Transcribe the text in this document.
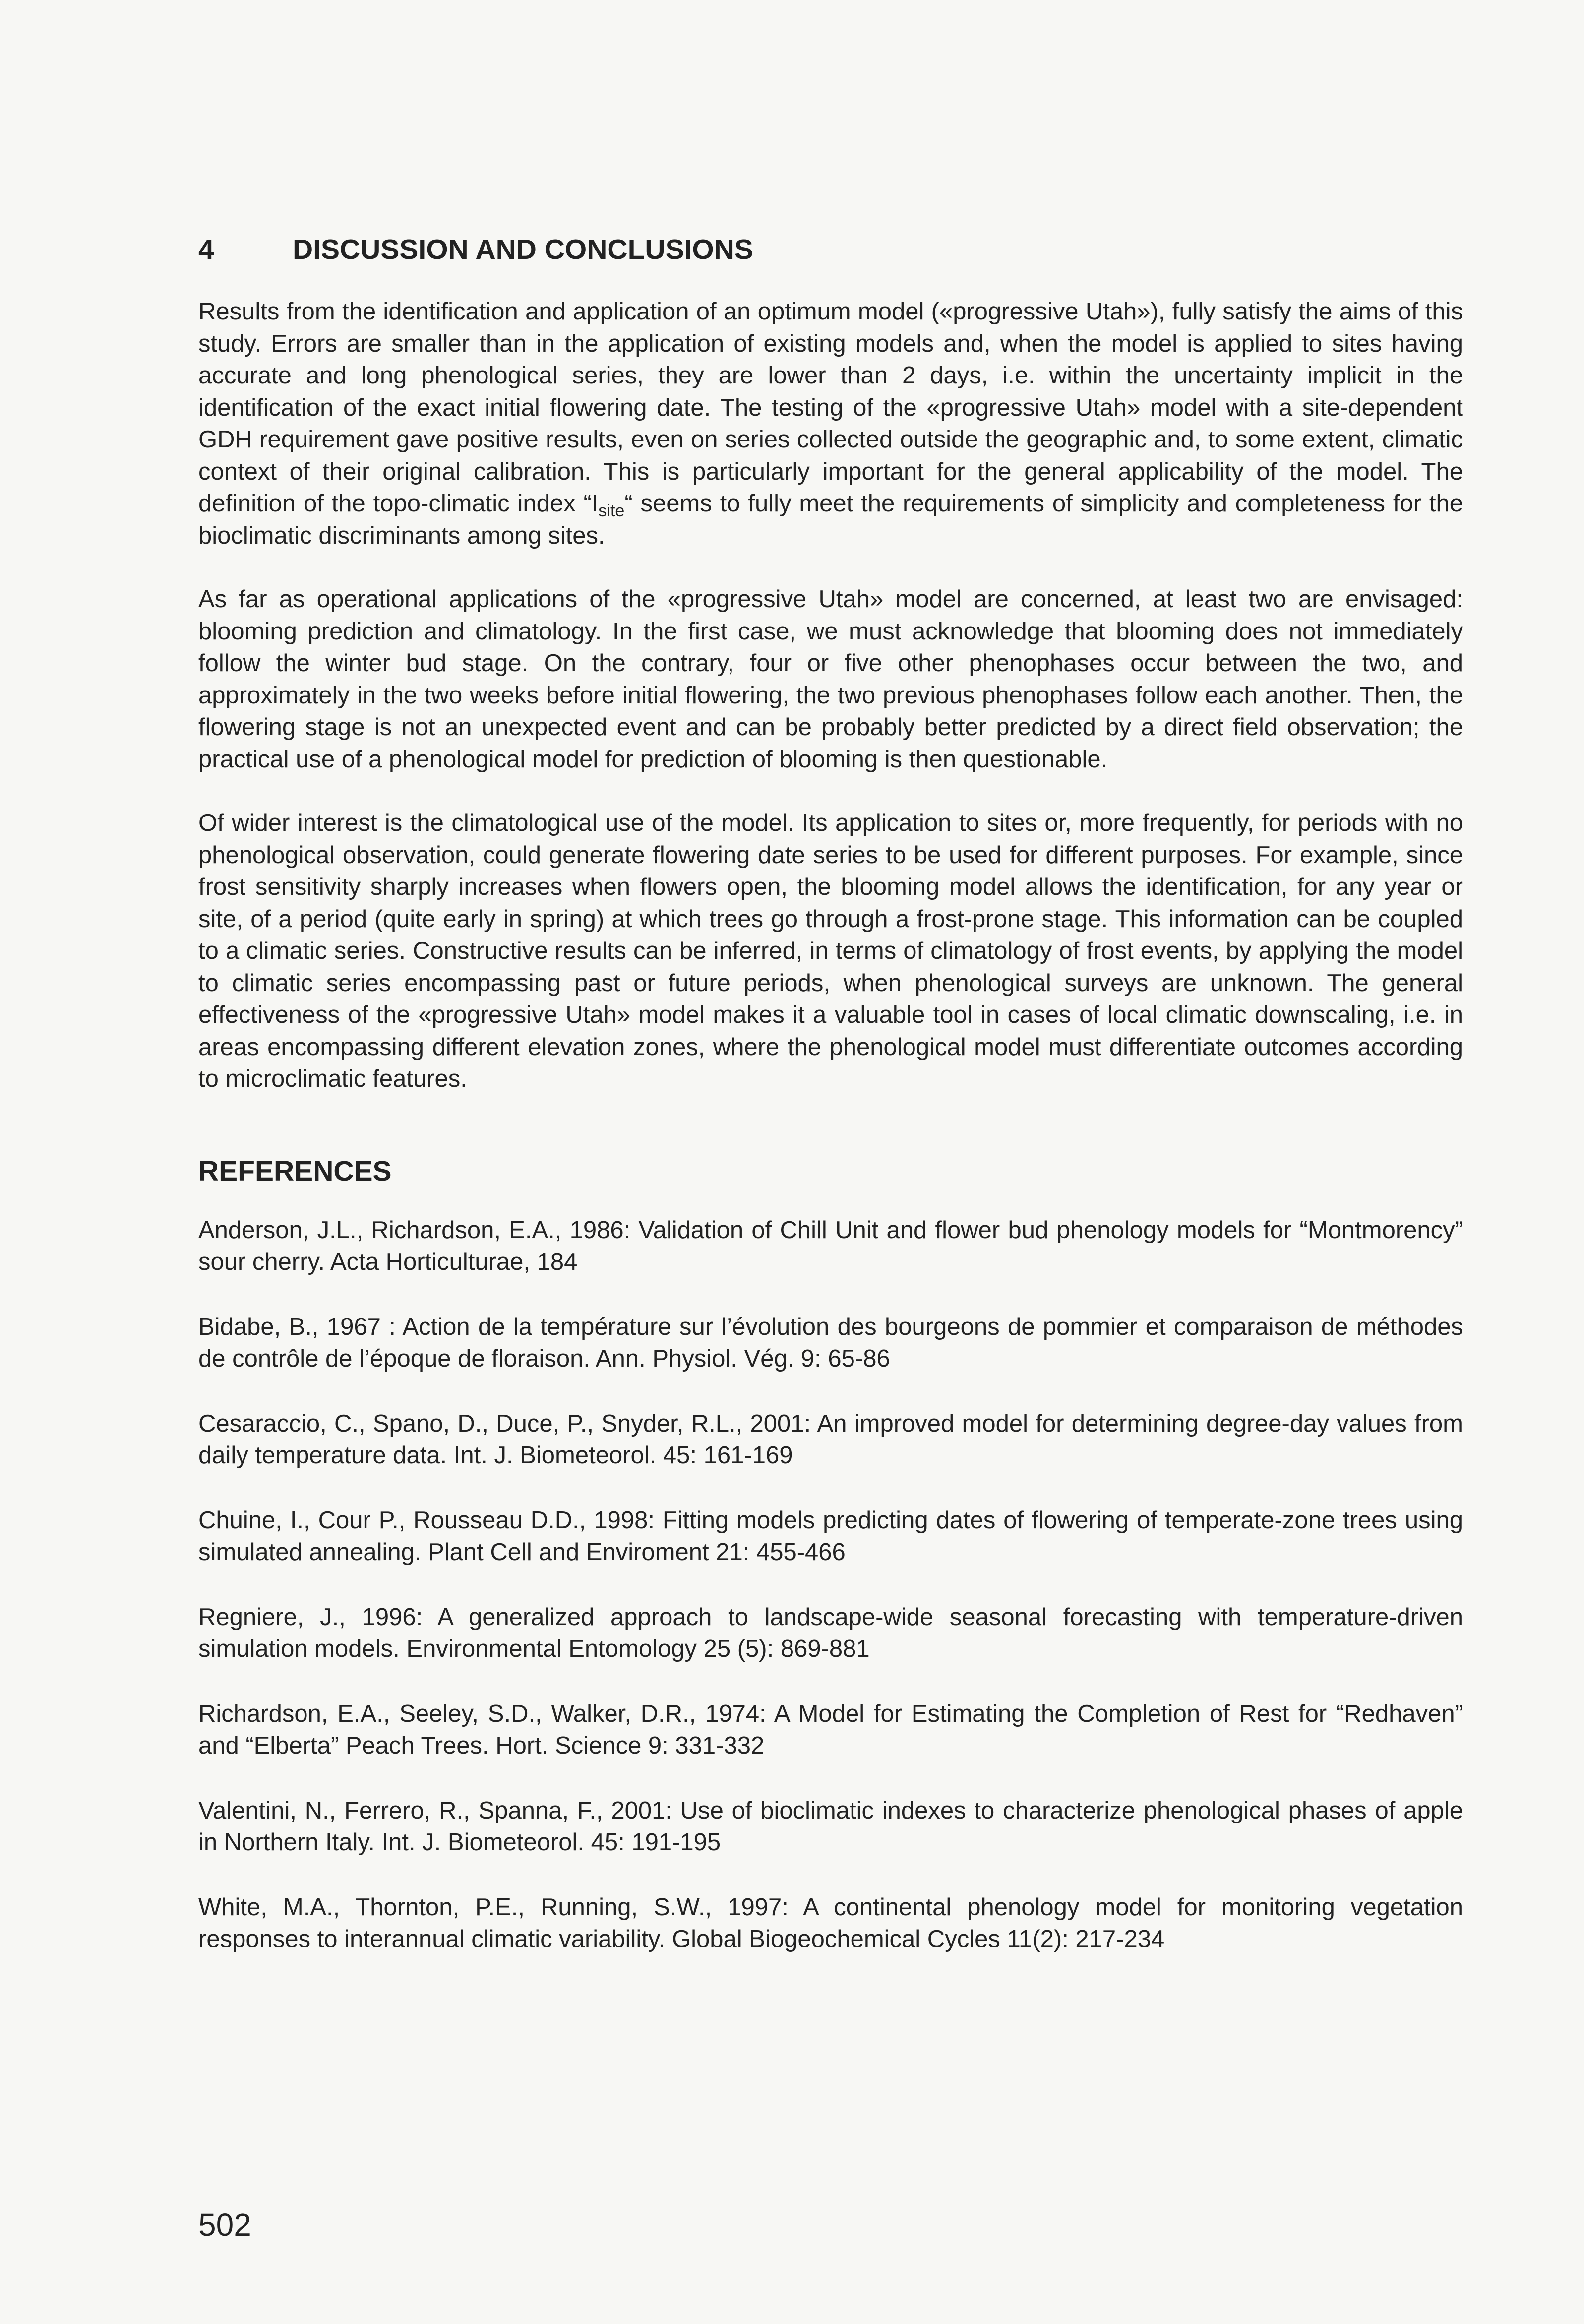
4	DISCUSSION AND CONCLUSIONS

Results from the identification and application of an optimum model («progressive Utah»), fully satisfy the aims of this study. Errors are smaller than in the application of existing models and, when the model is applied to sites having accurate and long phenological series, they are lower than 2 days, i.e. within the uncertainty implicit in the identification of the exact initial flowering date. The testing of the «progressive Utah» model with a site-dependent GDH requirement gave positive results, even on series collected outside the geographic and, to some extent, climatic context of their original calibration. This is particularly important for the general applicability of the model. The definition of the topo-climatic index “$I_{site}“$ seems to fully meet the requirements of simplicity and completeness for the bioclimatic discriminants among sites.

As far as operational applications of the «progressive Utah» model are concerned, at least two are envisaged: blooming prediction and climatology. In the first case, we must acknowledge that blooming does not immediately follow the winter bud stage. On the contrary, four or five other phenophases occur between the two, and approximately in the two weeks before initial flowering, the two previous phenophases follow each another. Then, the flowering stage is not an unexpected event and can be probably better predicted by a direct field observation; the practical use of a phenological model for prediction of blooming is then questionable.

Of wider interest is the climatological use of the model. Its application to sites or, more frequently, for periods with no phenological observation, could generate flowering date series to be used for different purposes. For example, since frost sensitivity sharply increases when flowers open, the blooming model allows the identification, for any year or site, of a period (quite early in spring) at which trees go through a frost-prone stage. This information can be coupled to a climatic series. Constructive results can be inferred, in terms of climatology of frost events, by applying the model to climatic series encompassing past or future periods, when phenological surveys are unknown. The general effectiveness of the «progressive Utah» model makes it a valuable tool in cases of local climatic downscaling, i.e. in areas encompassing different elevation zones, where the phenological model must differentiate outcomes according to microclimatic features.

REFERENCES

Anderson, J.L., Richardson, E.A., 1986: Validation of Chill Unit and flower bud phenology models for “Montmorency” sour cherry. Acta Horticulturae, 184

Bidabe, B., 1967 : Action de la température sur l’évolution des bourgeons de pommier et comparaison de méthodes de contrôle de l’époque de floraison. Ann. Physiol. Vég. 9: 65-86

Cesaraccio, C., Spano, D., Duce, P., Snyder, R.L., 2001: An improved model for determining degree-day values from daily temperature data. Int. J. Biometeorol. 45: 161-169

Chuine, I., Cour P., Rousseau D.D., 1998: Fitting models predicting dates of flowering of temperate-zone trees using simulated annealing. Plant Cell and Enviroment 21: 455-466

Regniere, J., 1996: A generalized approach to landscape-wide seasonal forecasting with temperature-driven simulation models. Environmental Entomology 25 (5): 869-881

Richardson, E.A., Seeley, S.D., Walker, D.R., 1974: A Model for Estimating the Completion of Rest for “Redhaven” and “Elberta” Peach Trees. Hort. Science 9: 331-332

Valentini, N., Ferrero, R., Spanna, F., 2001: Use of bioclimatic indexes to characterize phenological phases of apple in Northern Italy. Int. J. Biometeorol. 45: 191-195

White, M.A., Thornton, P.E., Running, S.W., 1997: A continental phenology model for monitoring vegetation responses to interannual climatic variability. Global Biogeochemical Cycles 11(2): 217-234

502
